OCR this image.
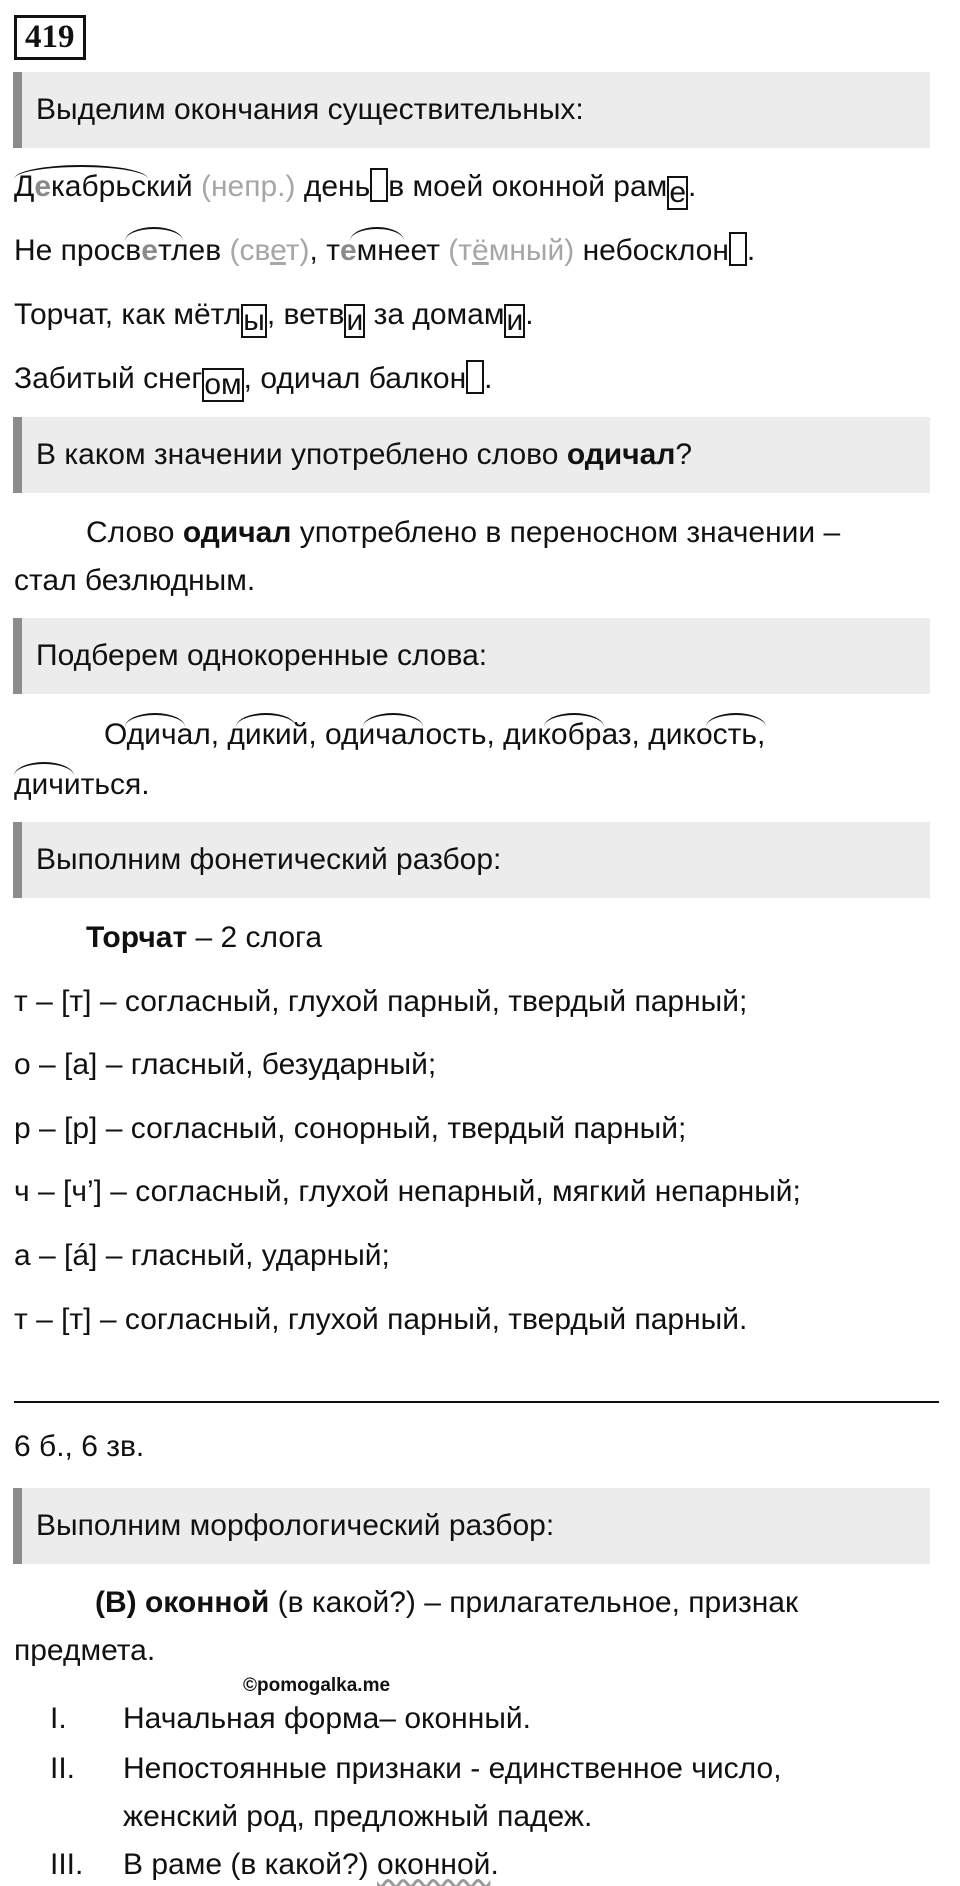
419
Выделим окончания существительных:
Декабрьский (непр.) день в моей оконной раме.
Не просветлев (свет), темнеет (тёмный) небосклон .
Торчат, как мётлы, ветви за домами.
Забитый снегом, одичал балкон .
В каком значении употреблено слово одичал?
Слово одичал употреблено в переносном значении –
стал безлюдным.
Подберем однокоренные слова:
Одичал, дикий, одичалость, дикобраз, дикость,
дичиться.
Выполним фонетический разбор:
Торчат – 2 слога
т – [т] – согласный, глухой парный, твердый парный;
о – [а] – гласный, безударный;
р – [р] – согласный, сонорный, твердый парный;
ч – [ч’] – согласный, глухой непарный, мягкий непарный;
а – [á] – гласный, ударный;
т – [т] – согласный, глухой парный, твердый парный.
6 б., 6 зв.
Выполним морфологический разбор:
(В) оконной (в какой?) – прилагательное, признак
предмета.
©pomogalka.me
I. Начальная форма– оконный.
II. Непостоянные признаки - единственное число,
женский род, предложный падеж.
III. В раме (в какой?) оконной.
